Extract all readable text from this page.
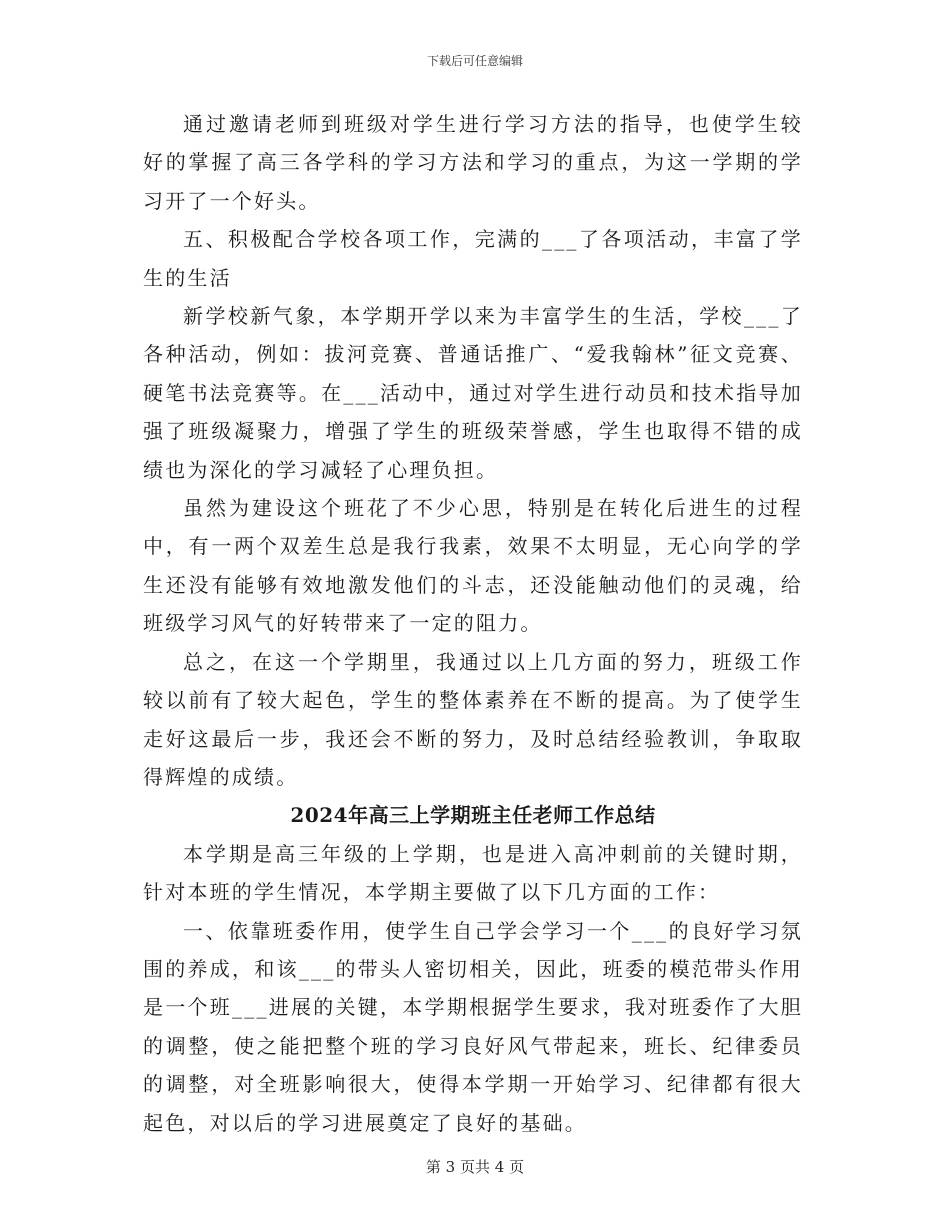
下载后可任意编辑

通过邀请老师到班级对学生进行学习方法的指导，也使学生较好的掌握了高三各学科的学习方法和学习的重点，为这一学期的学习开了一个好头。

五、积极配合学校各项工作，完满的___了各项活动，丰富了学生的生活

新学校新气象，本学期开学以来为丰富学生的生活，学校___了各种活动，例如：拔河竞赛、普通话推广、“爱我翰林”征文竞赛、硬笔书法竞赛等。在___活动中，通过对学生进行动员和技术指导加强了班级凝聚力，增强了学生的班级荣誉感，学生也取得不错的成绩也为深化的学习减轻了心理负担。

虽然为建设这个班花了不少心思，特别是在转化后进生的过程中，有一两个双差生总是我行我素，效果不太明显，无心向学的学生还没有能够有效地激发他们的斗志，还没能触动他们的灵魂，给班级学习风气的好转带来了一定的阻力。

总之，在这一个学期里，我通过以上几方面的努力，班级工作较以前有了较大起色，学生的整体素养在不断的提高。为了使学生走好这最后一步，我还会不断的努力，及时总结经验教训，争取取得辉煌的成绩。

2024年高三上学期班主任老师工作总结

本学期是高三年级的上学期，也是进入高冲刺前的关键时期，针对本班的学生情况，本学期主要做了以下几方面的工作：

一、依靠班委作用，使学生自己学会学习一个___的良好学习氛围的养成，和该___的带头人密切相关，因此，班委的模范带头作用是一个班___进展的关键，本学期根据学生要求，我对班委作了大胆的调整，使之能把整个班的学习良好风气带起来，班长、纪律委员的调整，对全班影响很大，使得本学期一开始学习、纪律都有很大起色，对以后的学习进展奠定了良好的基础。

第 3 页共 4 页
